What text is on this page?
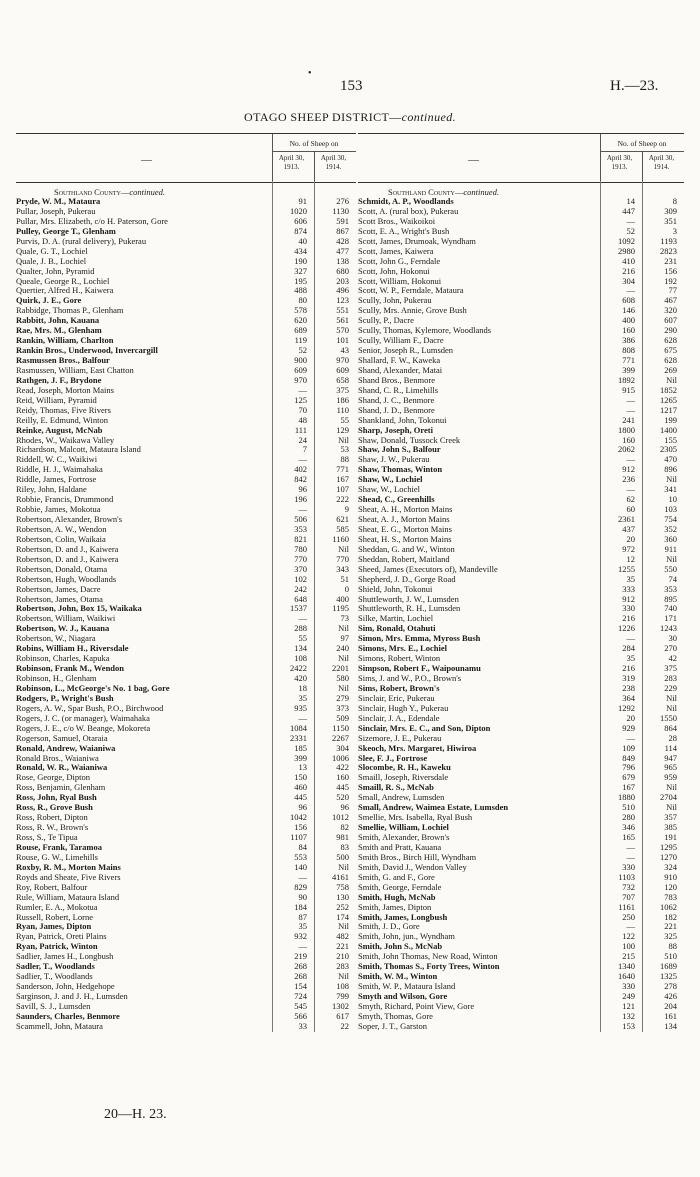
•
153	H.—23.
OTAGO SHEEP DISTRICT—continued.
—
No. of Sheep on
April 30,
1913.
April 30,
1914.
Southland County—continued.
Pryde, W. M., Mataura	91	276
Pullar, Joseph, Pukerau	1020	1130
Pullar, Mrs. Elizabeth, c/o H. Paterson, Gore	606	591
Pulley, George T., Glenham	874	867
Purvis, D. A. (rural delivery), Pukerau	40	428
Quale, G. T., Lochiel	434	477
Quale, J. B., Lochiel	190	138
Qualter, John, Pyramid	327	680
Queale, George R., Lochiel	195	203
Quertier, Alfred H., Kaiwera	488	496
Quirk, J. E., Gore	80	123
Rabbidge, Thomas P., Glenham	578	551
Rabbitt, John, Kauana	620	561
Rae, Mrs. M., Glenham	689	570
Rankin, William, Charlton	119	101
Rankin Bros., Underwood, Invercargill	52	43
Rasmussen Bros., Balfour	900	970
Rasmussen, William, East Chatton	609	609
Rathgen, J. F., Brydone	970	658
Read, Joseph, Morton Mains	—	375
Reid, William, Pyramid	125	186
Reidy, Thomas, Five Rivers	70	110
Reilly, E. Edmund, Winton	48	55
Reinke, August, McNab	111	129
Rhodes, W., Waikawa Valley	24	Nil
Richardson, Malcott, Mataura Island	7	53
Riddell, W. C., Waikiwi	—	88
Riddle, H. J., Waimahaka	402	771
Riddle, James, Fortrose	842	167
Riley, John, Haldane	96	107
Robbie, Francis, Drummond	196	222
Robbie, James, Mokotua	—	9
Robertson, Alexander, Brown's	506	621
Robertson, A. W., Wendon	353	585
Robertson, Colin, Waikaia	821	1160
Robertson, D. and J., Kaiwera	780	Nil
Robertson, D. and J., Kaiwera	770	770
Robertson, Donald, Otama	370	343
Robertson, Hugh, Woodlands	102	51
Robertson, James, Dacre	242	0
Robertson, James, Otama	648	400
Robertson, John, Box 15, Waikaka	1537	1195
Robertson, William, Waikiwi	—	73
Robertson, W. J., Kauana	288	Nil
Robertson, W., Niagara	55	97
Robins, William H., Riversdale	134	240
Robinson, Charles, Kapuka	108	Nil
Robinson, Frank M., Wendon	2422	2201
Robinson, H., Glenham	420	580
Robinson, L., McGeorge's No. 1 bag, Gore	18	Nil
Rodgers, P., Wright's Bush	35	279
Rogers, A. W., Spar Bush, P.O., Birchwood	935	373
Rogers, J. C. (or manager), Waimahaka	—	509
Rogers, J. E., c/o W. Beange, Mokoreta	1084	1150
Rogerson, Samuel, Otaraia	2331	2267
Ronald, Andrew, Waianiwa	185	304
Ronald Bros., Waianiwa	399	1006
Ronald, W. R., Waianiwa	13	422
Rose, George, Dipton	150	160
Ross, Benjamin, Glenham	460	445
Ross, John, Ryal Bush	445	520
Ross, R., Grove Bush	96	96
Ross, Robert, Dipton	1042	1012
Ross, R. W., Brown's	156	82
Ross, S., Te Tipua	1107	981
Rouse, Frank, Taramoa	84	83
Rouse, G. W., Limehills	553	500
Roxby, R. M., Morton Mains	140	Nil
Royds and Sheate, Five Rivers	—	4161
Roy, Robert, Balfour	829	758
Rule, William, Mataura Island	90	130
Rumler, E. A., Mokotua	184	252
Russell, Robert, Lorne	87	174
Ryan, James, Dipton	35	Nil
Ryan, Patrick, Oreti Plains	932	482
Ryan, Patrick, Winton	—	221
Sadlier, James H., Longbush	219	210
Sadler, T., Woodlands	268	283
Sadlier, T., Woodlands	268	Nil
Sanderson, John, Hedgehope	154	108
Sarginson, J. and J. H., Lumsden	724	799
Savill, S. J., Lumsden	545	1302
Saunders, Charles, Benmore	566	617
Scammell, John, Mataura	33	22
—
No. of Sheep on
April 30,
1913.
April 30,
1914.
Southland County—continued.
Schmidt, A. P., Woodlands	14	8
Scott, A. (rural box), Pukerau	447	309
Scott Bros., Waikoikoi	—	351
Scott, E. A., Wright's Bush	52	3
Scott, James, Drumoak, Wyndham	1092	1193
Scott, James, Kaiwera	2980	2823
Scott, John G., Ferndale	410	231
Scott, John, Hokonui	216	156
Scott, William, Hokonui	304	192
Scott, W. P., Ferndale, Mataura	—	77
Scully, John, Pukerau	608	467
Scully, Mrs. Annie, Grove Bush	146	320
Scully, P., Dacre	400	607
Scully, Thomas, Kylemore, Woodlands	160	290
Scully, William F., Dacre	386	628
Senior, Joseph R., Lumsden	808	675
Shallard, F. W., Kaweka	771	628
Shand, Alexander, Matai	399	269
Shand Bros., Benmore	1892	Nil
Shand, C. R., Limehills	915	1852
Shand, J. C., Benmore	—	1265
Shand, J. D., Benmore	—	1217
Shankland, John, Tokonui	241	199
Sharp, Joseph, Oreti	1800	1400
Shaw, Donald, Tussock Creek	160	155
Shaw, John S., Balfour	2062	2305
Shaw, J. W., Pukerau	—	470
Shaw, Thomas, Winton	912	896
Shaw, W., Lochiel	236	Nil
Shaw, W., Lochiel	—	341
Shead, C., Greenhills	62	10
Sheat, A. H., Morton Mains	60	103
Sheat, A. J., Morton Mains	2361	754
Sheat, E. G., Morton Mains	437	352
Sheat, H. S., Morton Mains	20	360
Sheddan, G. and W., Winton	972	911
Sheddan, Robert, Maitland	12	Nil
Sheed, James (Executors of), Mandeville	1255	550
Shepherd, J. D., Gorge Road	35	74
Shield, John, Tokonui	333	353
Shuttleworth, J. W., Lumsden	912	895
Shuttleworth, R. H., Lumsden	330	740
Silke, Martin, Lochiel	216	171
Sim, Ronald, Otahuti	1226	1243
Simon, Mrs. Emma, Myross Bush	—	30
Simons, Mrs. E., Lochiel	284	270
Simons, Robert, Winton	35	42
Simpson, Robert F., Waipounamu	216	375
Sims, J. and W., P.O., Brown's	319	283
Sims, Robert, Brown's	238	229
Sinclair, Eric, Pukerau	364	Nil
Sinclair, Hugh Y., Pukerau	1292	Nil
Sinclair, J. A., Edendale	20	1550
Sinclair, Mrs. E. C., and Son, Dipton	929	864
Sizemore, J. E., Pukerau	—	28
Skeoch, Mrs. Margaret, Hiwiroa	109	114
Slee, F. J., Fortrose	849	947
Slocombe, R. H., Kaweku	796	965
Smaill, Joseph, Riversdale	679	959
Smaill, R. S., McNab	167	Nil
Small, Andrew, Lumsden	1880	2704
Small, Andrew, Waimea Estate, Lumsden	510	Nil
Smellie, Mrs. Isabella, Ryal Bush	280	357
Smellie, William, Lochiel	346	385
Smith, Alexander, Brown's	165	191
Smith and Pratt, Kauana	—	1295
Smith Bros., Birch Hill, Wyndham	—	1270
Smith, David J., Wendon Valley	330	324
Smith, G. and F., Gore	1103	910
Smith, George, Ferndale	732	120
Smith, Hugh, McNab	707	783
Smith, James, Dipton	1161	1062
Smith, James, Longbush	250	182
Smith, J. D., Gore	—	221
Smith, John, jun., Wyndham	122	325
Smith, John S., McNab	100	88
Smith, John Thomas, New Road, Winton	215	510
Smith, Thomas S., Forty Trees, Winton	1340	1689
Smith, W. M., Winton	1640	1325
Smith, W. P., Mataura Island	330	278
Smyth and Wilson, Gore	249	426
Smyth, Richard, Point View, Gore	121	204
Smyth, Thomas, Gore	132	161
Soper, J. T., Garston	153	134
20—H. 23.
